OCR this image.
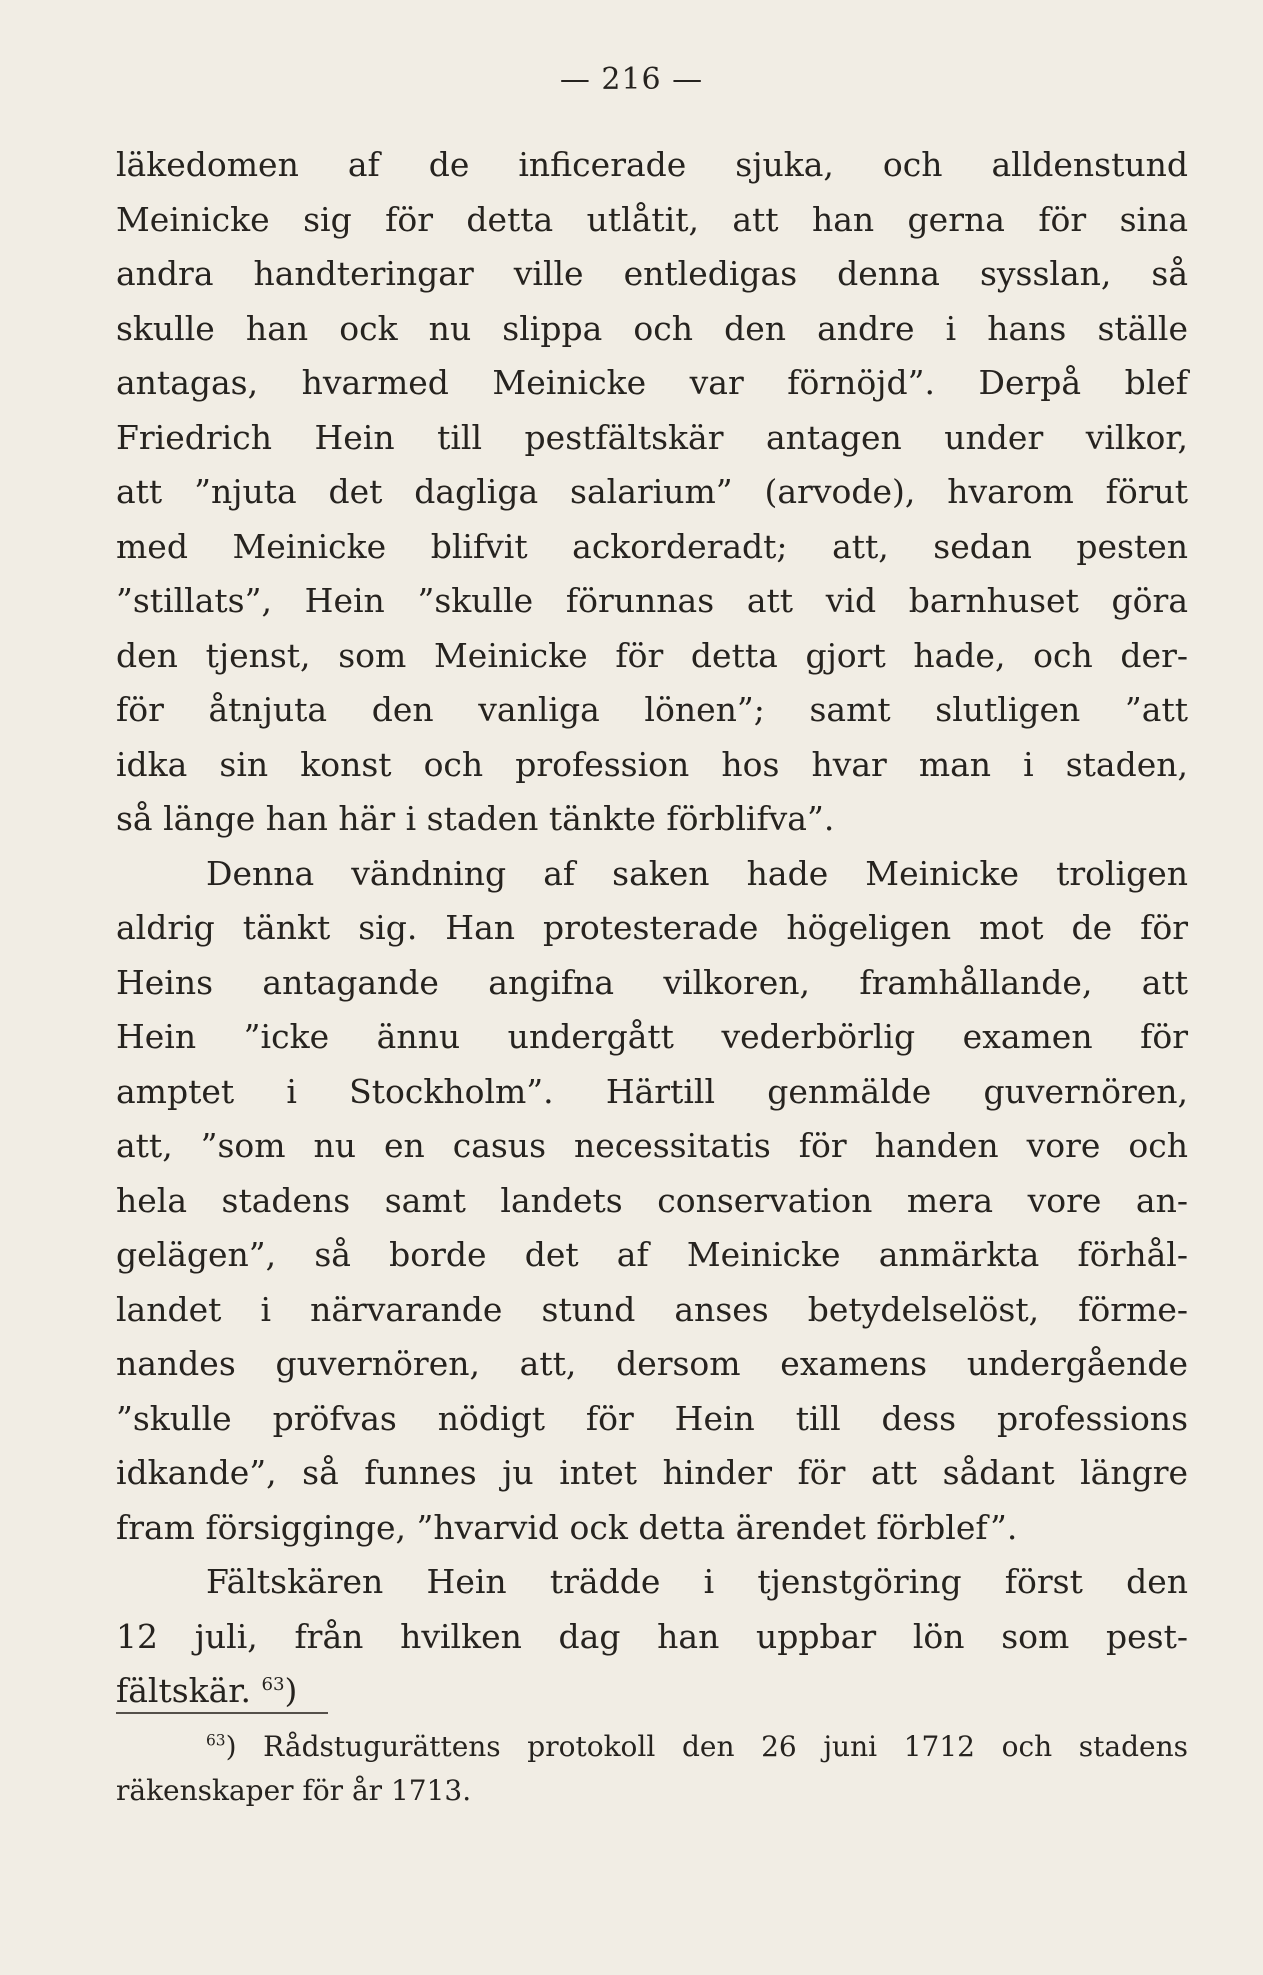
— 216 —
läkedomen af de inficerade sjuka, och alldenstund
Meinicke sig för detta utlåtit, att han gerna för sina
andra handteringar ville entledigas denna sysslan, så
skulle han ock nu slippa och den andre i hans ställe
antagas, hvarmed Meinicke var förnöjd”. Derpå blef
Friedrich Hein till pestfältskär antagen under vilkor,
att ”njuta det dagliga salarium” (arvode), hvarom förut
med Meinicke blifvit ackorderadt; att, sedan pesten
”stillats”, Hein ”skulle förunnas att vid barnhuset göra
den tjenst, som Meinicke för detta gjort hade, och der-
för åtnjuta den vanliga lönen”; samt slutligen ”att
idka sin konst och profession hos hvar man i staden,
så länge han här i staden tänkte förblifva”.
Denna vändning af saken hade Meinicke troligen
aldrig tänkt sig. Han protesterade högeligen mot de för
Heins antagande angifna vilkoren, framhållande, att
Hein ”icke ännu undergått vederbörlig examen för
amptet i Stockholm”. Härtill genmälde guvernören,
att, ”som nu en casus necessitatis för handen vore och
hela stadens samt landets conservation mera vore an-
gelägen”, så borde det af Meinicke anmärkta förhål-
landet i närvarande stund anses betydelselöst, förme-
nandes guvernören, att, dersom examens undergående
”skulle pröfvas nödigt för Hein till dess professions
idkande”, så funnes ju intet hinder för att sådant längre
fram försigginge, ”hvarvid ock detta ärendet förblef”.
Fältskären Hein trädde i tjenstgöring först den
12 juli, från hvilken dag han uppbar lön som pest-
fältskär. $^{63}$)
$^{63}$) Rådstugurättens protokoll den 26 juni 1712 och stadens
räkenskaper för år 1713.
